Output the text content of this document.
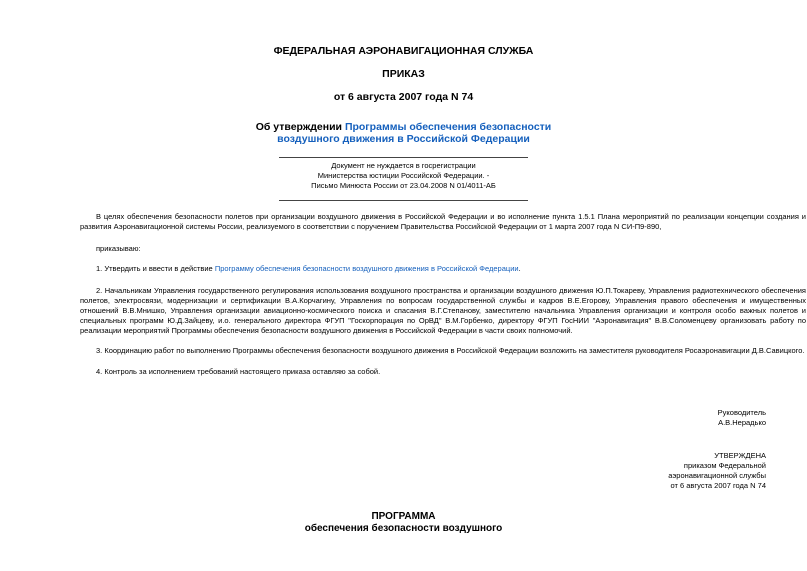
ФЕДЕРАЛЬНАЯ АЭРОНАВИГАЦИОННАЯ СЛУЖБА
ПРИКАЗ
от 6 августа 2007 года N 74
Об утверждении Программы обеспечения безопасности
воздушного движения в Российской Федерации
Документ не нуждается в госрегистрации
Министерства юстиции Российской Федерации. -
Письмо Минюста России от 23.04.2008 N 01/4011-АБ
В целях обеспечения безопасности полетов при организации воздушного движения в Российской Федерации и во исполнение пункта 1.5.1 Плана мероприятий по реализации концепции создания и развития Аэронавигационной системы России, реализуемого в соответствии с поручением Правительства Российской Федерации от 1 марта 2007 года N СИ-П9-890,
приказываю:
1. Утвердить и ввести в действие Программу обеспечения безопасности воздушного движения в Российской Федерации.
2. Начальникам Управления государственного регулирования использования воздушного пространства и организации воздушного движения Ю.П.Токареву, Управления радиотехнического обеспечения полетов, электросвязи, модернизации и сертификации В.А.Корчагину, Управления по вопросам государственной службы и кадров В.Е.Егорову, Управления правого обеспечения и имущественных отношений В.В.Мнишко, Управления организации авиационно-космического поиска и спасания В.Г.Степанову, заместителю начальника Управления организации и контроля особо важных полетов и специальных программ Ю.Д.Зайцеву, и.о. генерального директора ФГУП "Госкорпорация по ОрВД" В.М.Горбенко, директору ФГУП ГосНИИ "Аэронавигация" В.В.Соломенцеву организовать работу по реализации мероприятий Программы обеспечения безопасности воздушного движения в Российской Федерации в части своих полномочий.
3. Координацию работ по выполнению Программы обеспечения безопасности воздушного движения в Российской Федерации возложить на заместителя руководителя Росаэронавигации Д.В.Савицкого.
4. Контроль за исполнением требований настоящего приказа оставляю за собой.
Руководитель
А.В.Нерадько
УТВЕРЖДЕНА
приказом Федеральной
аэронавигационной службы
от 6 августа 2007 года N 74
ПРОГРАММА
обеспечения безопасности воздушного
